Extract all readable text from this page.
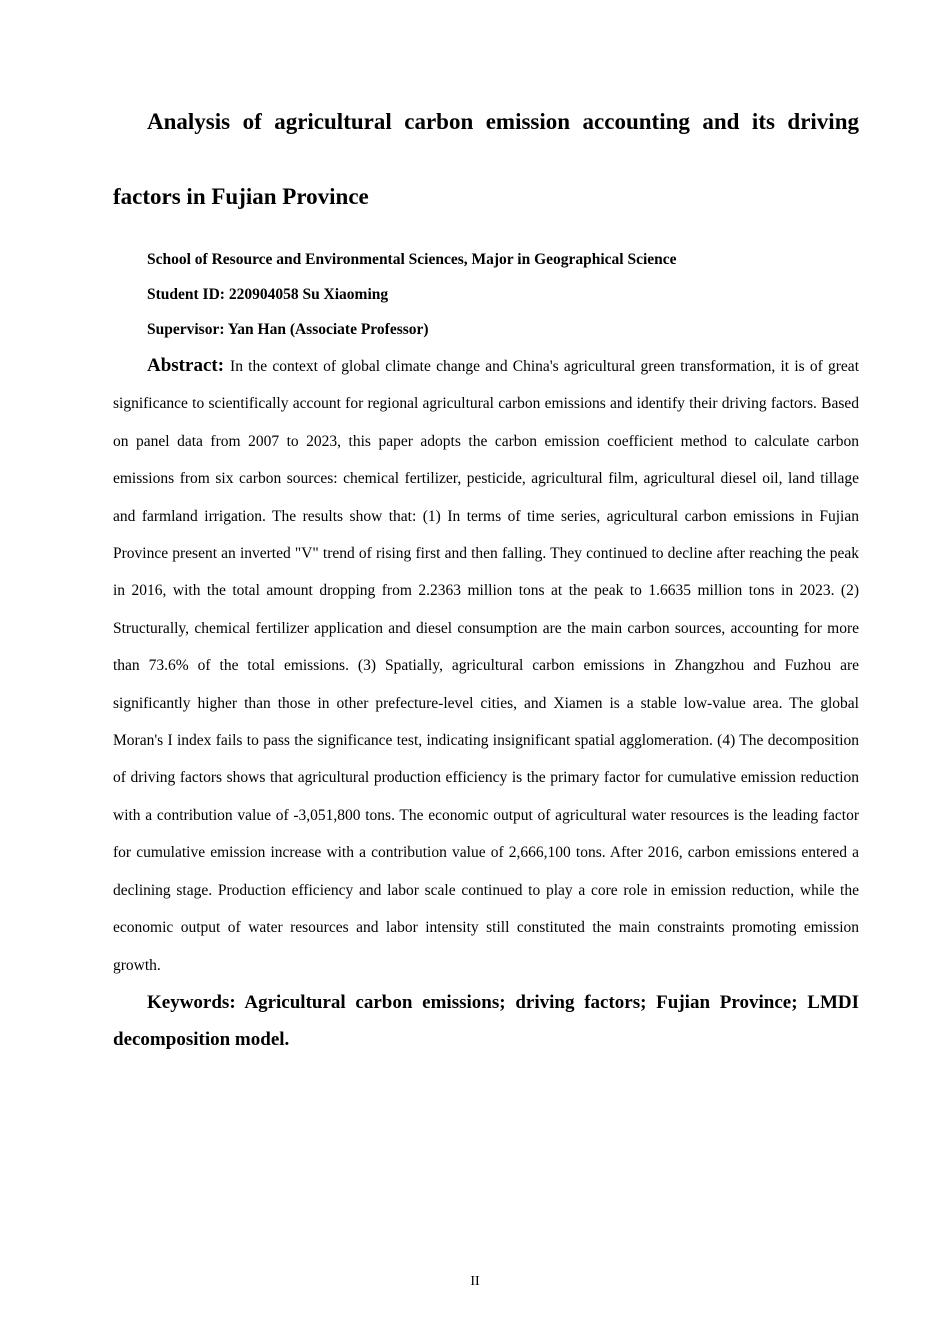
Analysis of agricultural carbon emission accounting and its driving factors in Fujian Province
School of Resource and Environmental Sciences, Major in Geographical Science
Student ID: 220904058 Su Xiaoming
Supervisor: Yan Han (Associate Professor)

Abstract: In the context of global climate change and China's agricultural green transformation, it is of great significance to scientifically account for regional agricultural carbon emissions and identify their driving factors. Based on panel data from 2007 to 2023, this paper adopts the carbon emission coefficient method to calculate carbon emissions from six carbon sources: chemical fertilizer, pesticide, agricultural film, agricultural diesel oil, land tillage and farmland irrigation. The results show that: (1) In terms of time series, agricultural carbon emissions in Fujian Province present an inverted "V" trend of rising first and then falling. They continued to decline after reaching the peak in 2016, with the total amount dropping from 2.2363 million tons at the peak to 1.6635 million tons in 2023. (2) Structurally, chemical fertilizer application and diesel consumption are the main carbon sources, accounting for more than 73.6% of the total emissions. (3) Spatially, agricultural carbon emissions in Zhangzhou and Fuzhou are significantly higher than those in other prefecture-level cities, and Xiamen is a stable low-value area. The global Moran's I index fails to pass the significance test, indicating insignificant spatial agglomeration. (4) The decomposition of driving factors shows that agricultural production efficiency is the primary factor for cumulative emission reduction with a contribution value of -3,051,800 tons. The economic output of agricultural water resources is the leading factor for cumulative emission increase with a contribution value of 2,666,100 tons. After 2016, carbon emissions entered a declining stage. Production efficiency and labor scale continued to play a core role in emission reduction, while the economic output of water resources and labor intensity still constituted the main constraints promoting emission growth.

Keywords: Agricultural carbon emissions; driving factors; Fujian Province; LMDI decomposition model.

II
